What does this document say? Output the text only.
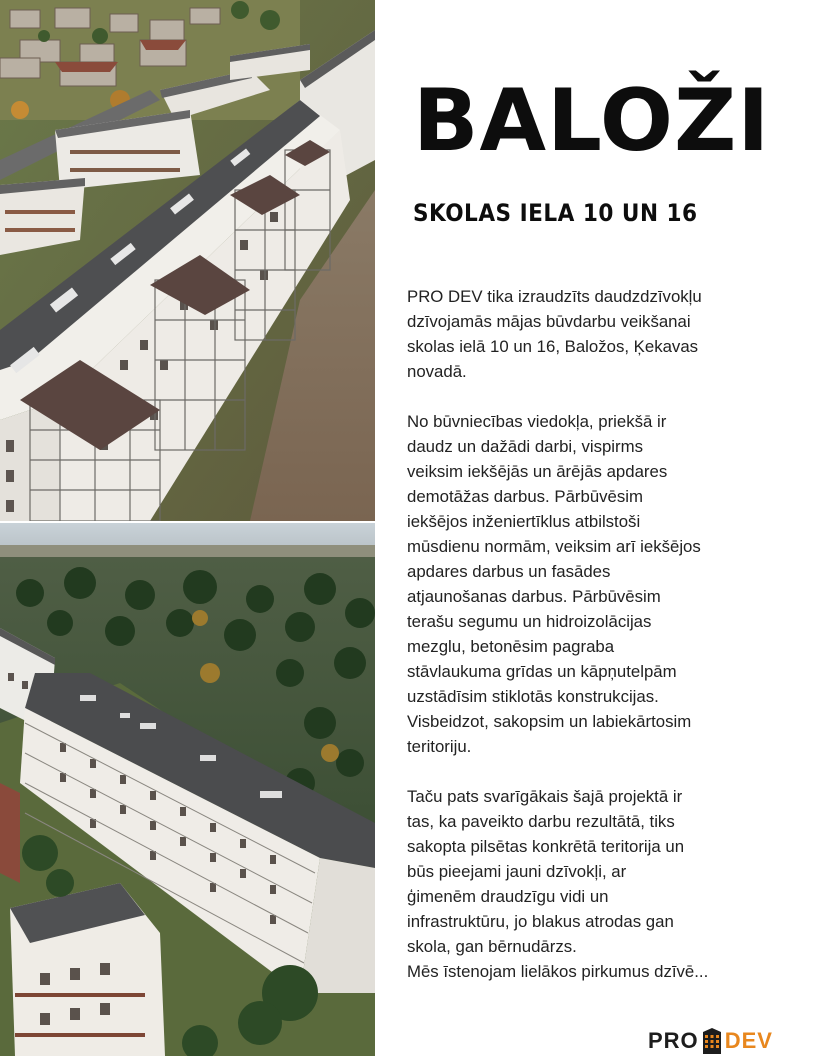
BALOŽI
SKOLAS IELA 10 UN 16

PRO DEV tika izraudzīts daudzdzīvokļu
dzīvojamās mājas būvdarbu veikšanai
skolas ielā 10 un 16, Baložos, Ķekavas
novadā.

No būvniecības viedokļa, priekšā ir
daudz un dažādi darbi, vispirms
veiksim iekšējās un ārējās apdares
demotāžas darbus. Pārbūvēsim
iekšējos inženiertīklus atbilstoši
mūsdienu normām, veiksim arī iekšējos
apdares darbus un fasādes
atjaunošanas darbus. Pārbūvēsim
terašu segumu un hidroizolācijas
mezglu, betonēsim pagraba
stāvlaukuma grīdas un kāpņutelpām
uzstādīsim stiklotās konstrukcijas.
Visbeidzot, sakopsim un labiekārtosim
teritoriju.

Taču pats svarīgākais šajā projektā ir
tas, ka paveikto darbu rezultātā, tiks
sakopta pilsētas konkrētā teritorija un
būs pieejami jauni dzīvokļi, ar
ģimenēm draudzīgu vidi un
infrastruktūru, jo blakus atrodas gan
skola, gan bērnudārzs.
Mēs īstenojam lielākos pirkumus dzīvē...

PRO DEV
